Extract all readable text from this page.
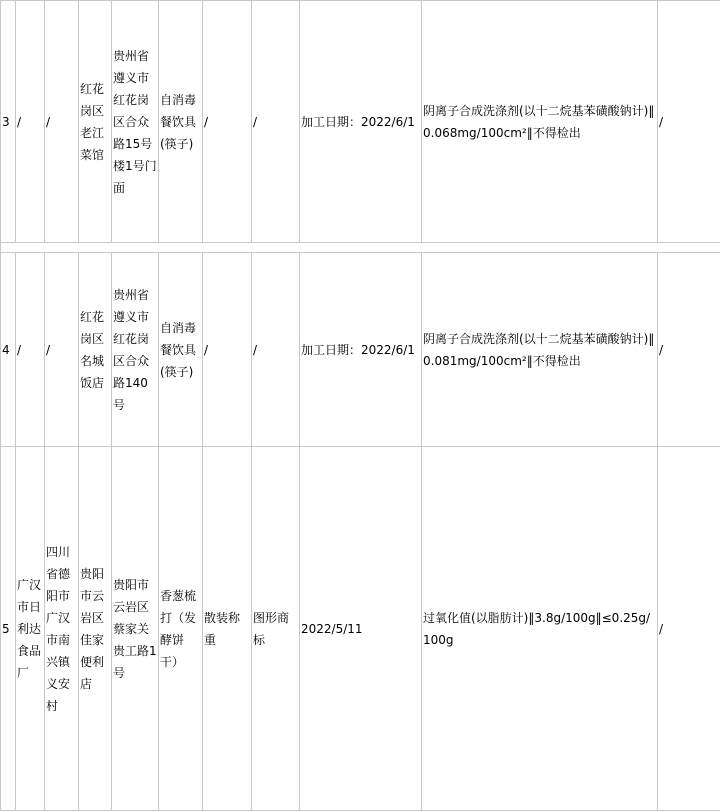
3	/	/	红花岗区老江菜馆	贵州省遵义市红花岗区合众路15号楼1号门面	自消毒餐饮具(筷子)	/	/	加工日期：2022/6/1	阴离子合成洗涤剂(以十二烷基苯磺酸钠计)‖0.068mg/100cm²‖不得检出	/

4	/	/	红花岗区名城饭店	贵州省遵义市红花岗区合众路140号	自消毒餐饮具(筷子)	/	/	加工日期：2022/6/1	阴离子合成洗涤剂(以十二烷基苯磺酸钠计)‖0.081mg/100cm²‖不得检出	/
5	广汉市日利达食品厂	四川省德阳市广汉市南兴镇义安村	贵阳市云岩区佳家便利店	贵阳市云岩区蔡家关贵工路1号	香葱梳打（发酵饼干）	散装称重	图形商标	2022/5/11	过氧化值(以脂肪计)‖3.8g/100g‖≤0.25g/100g	/
